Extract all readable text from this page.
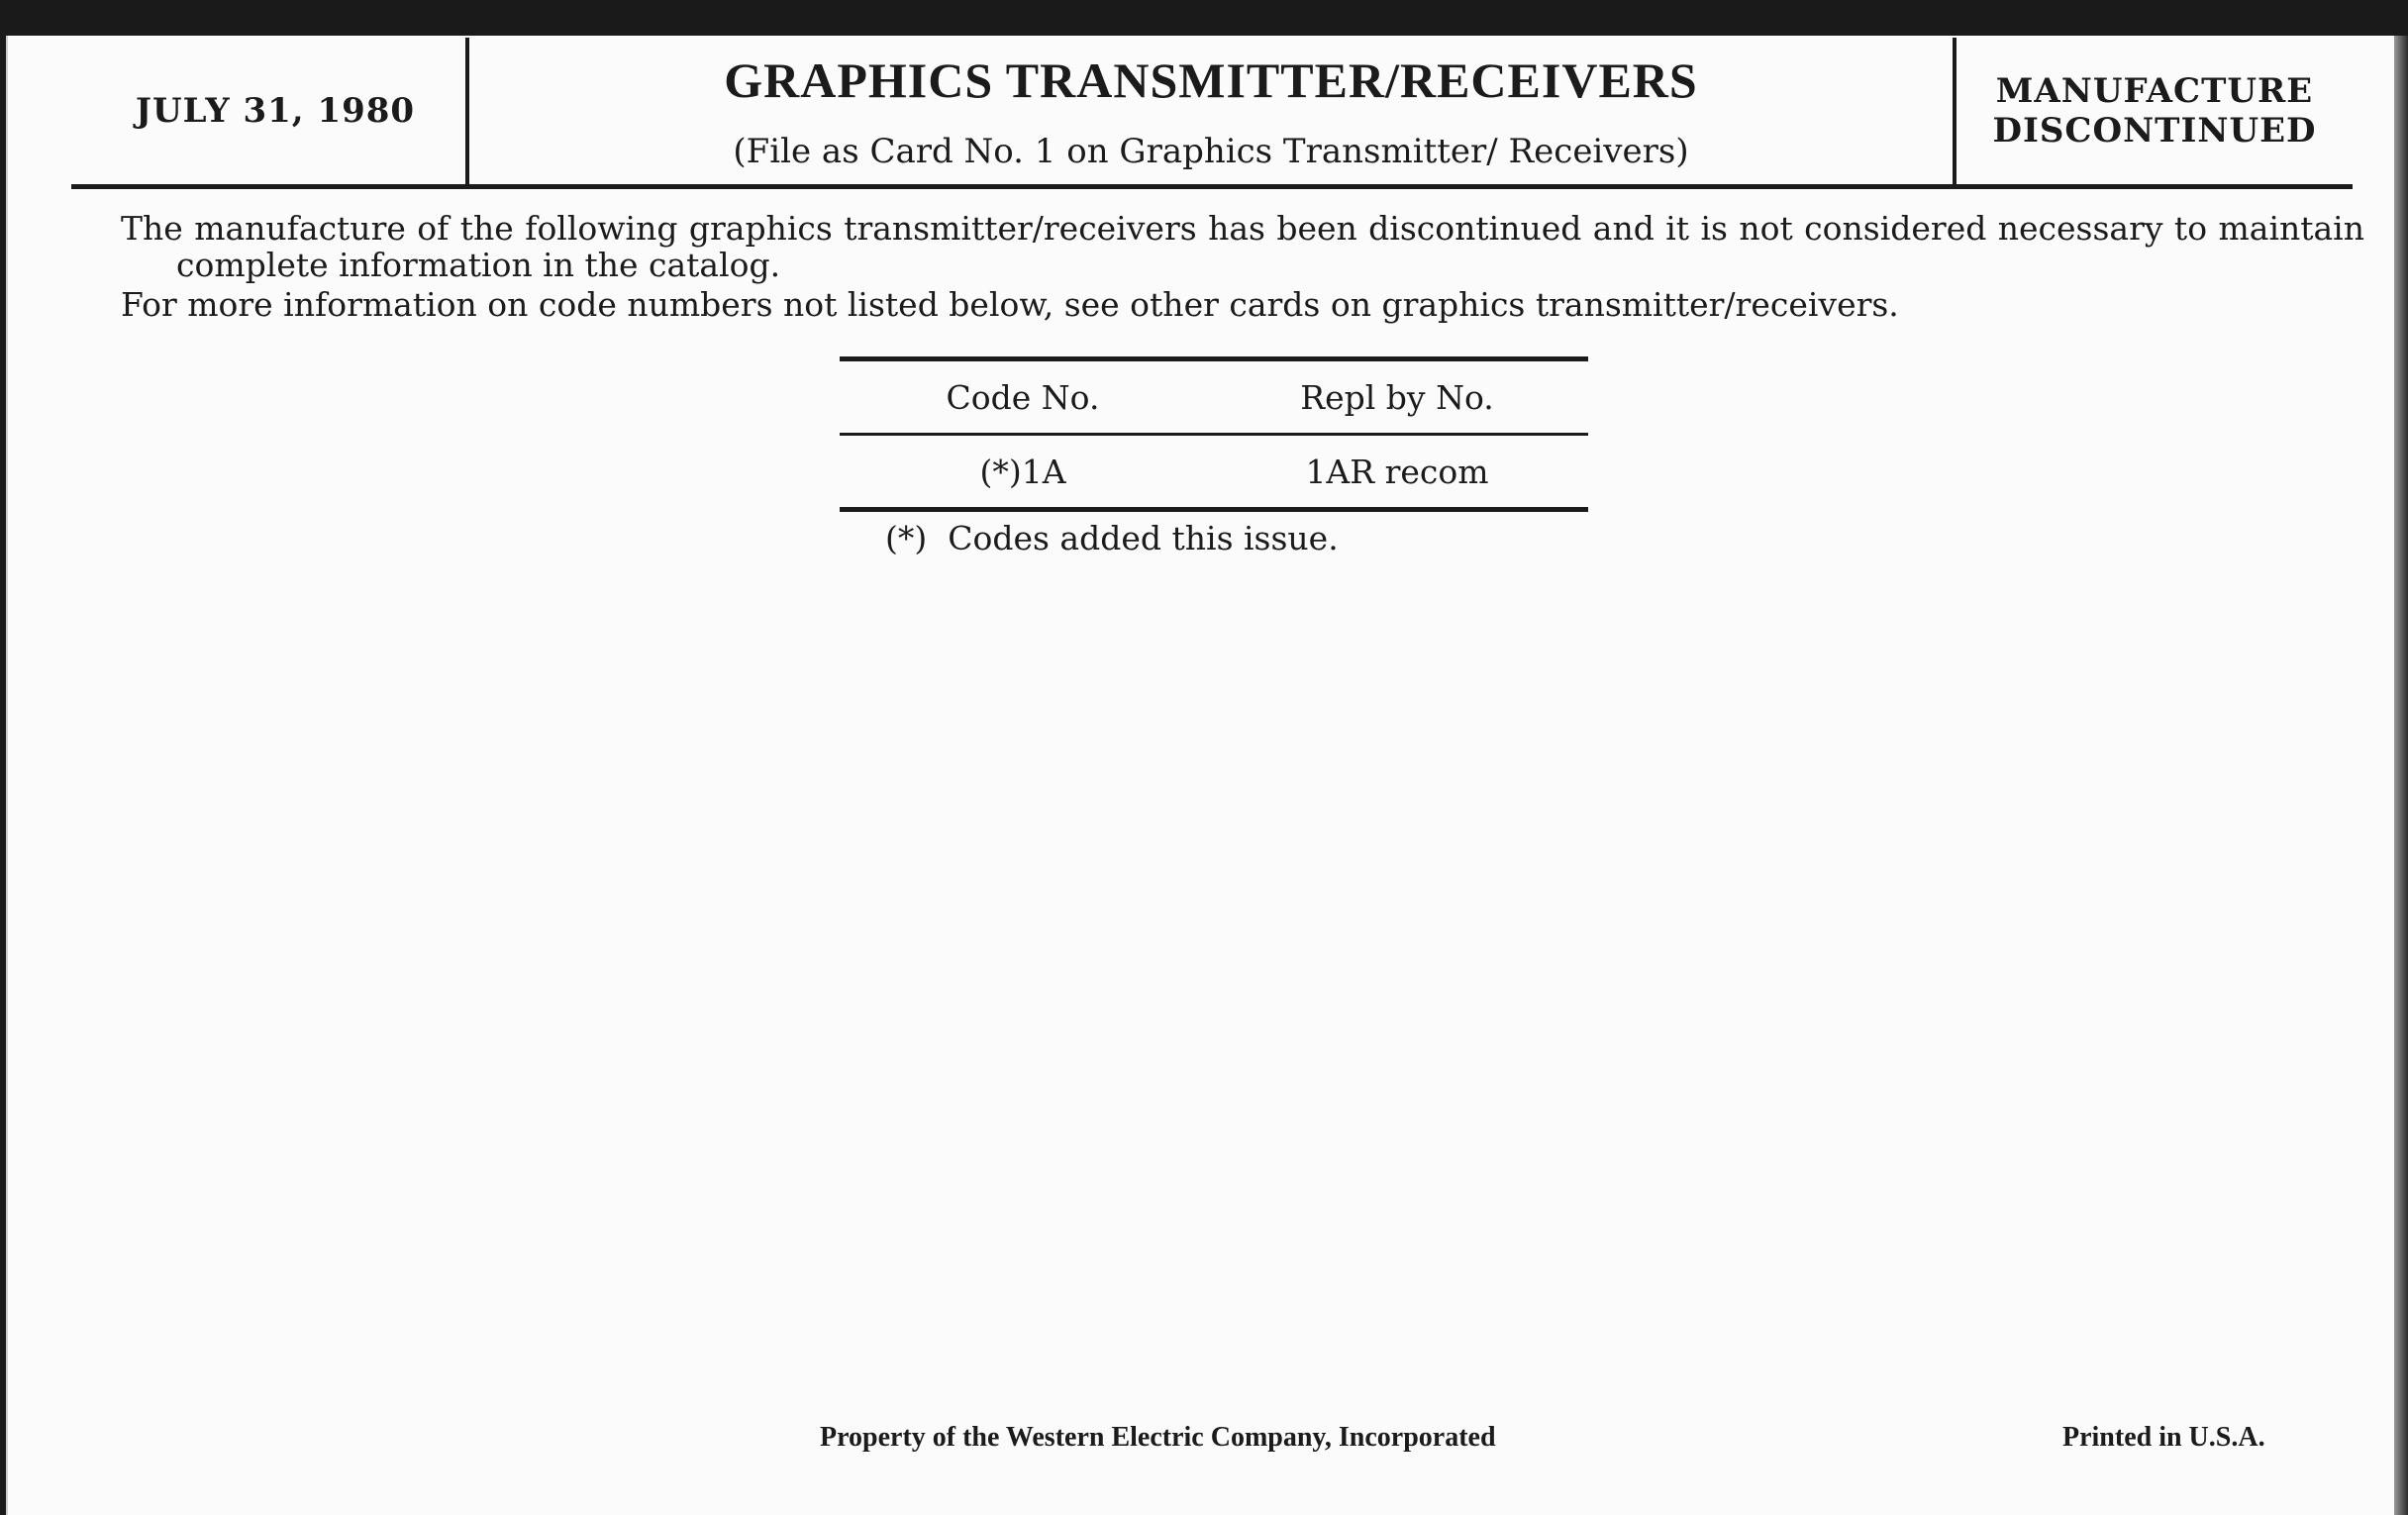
JULY 31, 1980
GRAPHICS TRANSMITTER/RECEIVERS
(File as Card No. 1 on Graphics Transmitter/ Receivers)
MANUFACTURE
DISCONTINUED
The manufacture of the following graphics transmitter/receivers has been discontinued and it is not considered necessary to maintain complete information in the catalog.
For more information on code numbers not listed below, see other cards on graphics transmitter/receivers.
Code No.	Repl by No.
(*)1A	1AR recom
(*) Codes added this issue.
Property of the Western Electric Company, Incorporated	Printed in U.S.A.
